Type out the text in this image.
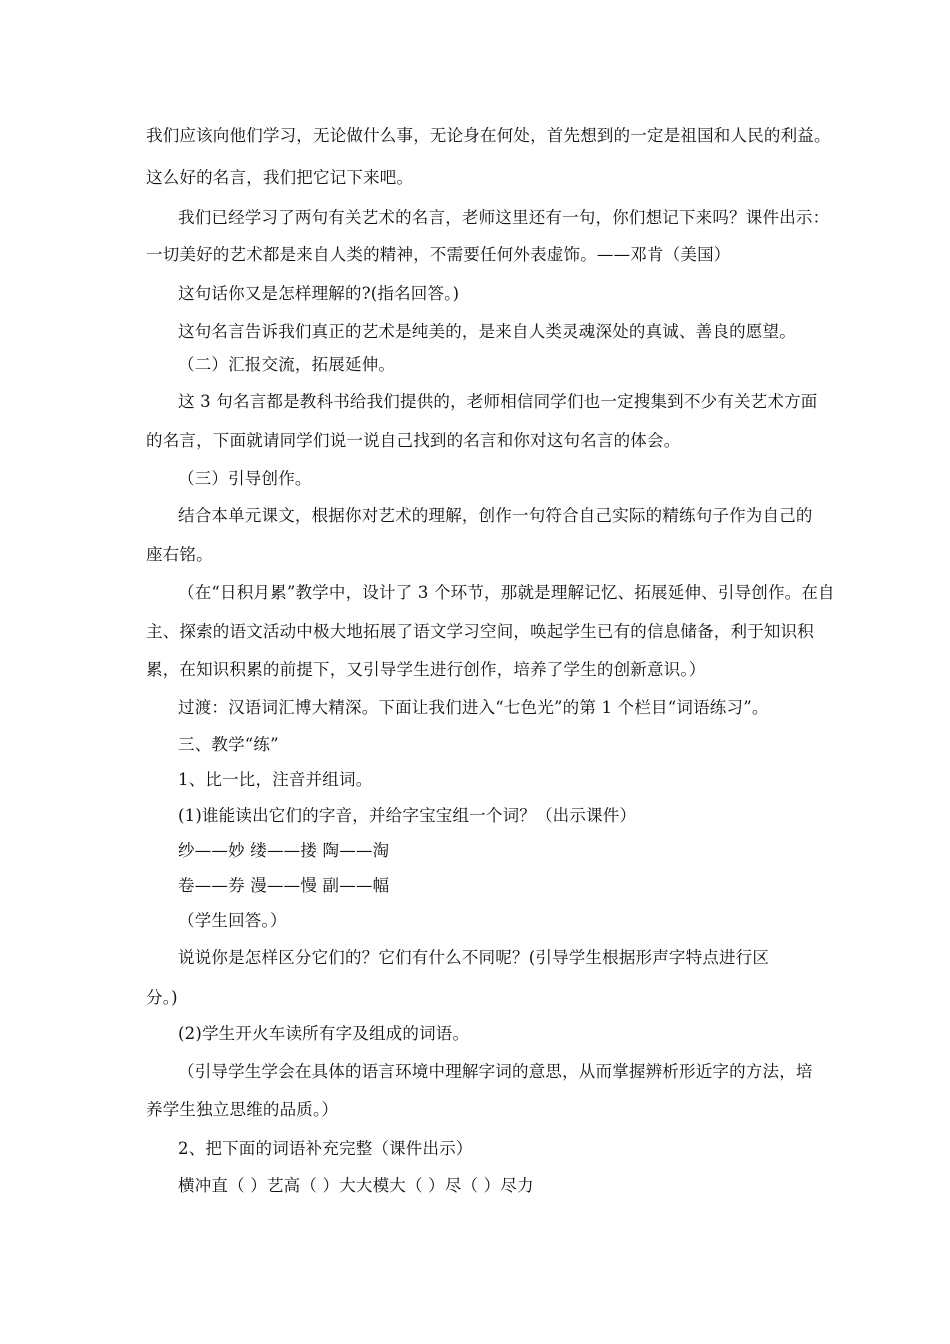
我们应该向他们学习，无论做什么事，无论身在何处，首先想到的一定是祖国和人民的利益。
这么好的名言，我们把它记下来吧。
我们已经学习了两句有关艺术的名言，老师这里还有一句，你们想记下来吗？课件出示：
一切美好的艺术都是来自人类的精神，不需要任何外表虚饰。——邓肯（美国）
这句话你又是怎样理解的?(指名回答。)
这句名言告诉我们真正的艺术是纯美的，是来自人类灵魂深处的真诚、善良的愿望。
（二）汇报交流，拓展延伸。
这 3 句名言都是教科书给我们提供的，老师相信同学们也一定搜集到不少有关艺术方面
的名言，下面就请同学们说一说自己找到的名言和你对这句名言的体会。
（三）引导创作。
结合本单元课文，根据你对艺术的理解，创作一句符合自己实际的精练句子作为自己的
座右铭。
（在“日积月累”教学中，设计了 3 个环节，那就是理解记忆、拓展延伸、引导创作。在自
主、探索的语文活动中极大地拓展了语文学习空间，唤起学生已有的信息储备，利于知识积
累，在知识积累的前提下，又引导学生进行创作，培养了学生的创新意识。）
过渡：汉语词汇博大精深。下面让我们进入“七色光”的第 1 个栏目“词语练习”。
三、教学“练”
1、比一比，注音并组词。
(1)谁能读出它们的字音，并给字宝宝组一个词？（出示课件）
纱——妙 缕——搂 陶——淘
卷——券 漫——慢 副——幅
（学生回答。）
说说你是怎样区分它们的？它们有什么不同呢？(引导学生根据形声字特点进行区
分。)
(2)学生开火车读所有字及组成的词语。
（引导学生学会在具体的语言环境中理解字词的意思，从而掌握辨析形近字的方法，培
养学生独立思维的品质。）
2、把下面的词语补充完整（课件出示）
横冲直（ ）艺高（ ）大大模大（ ）尽（ ）尽力
